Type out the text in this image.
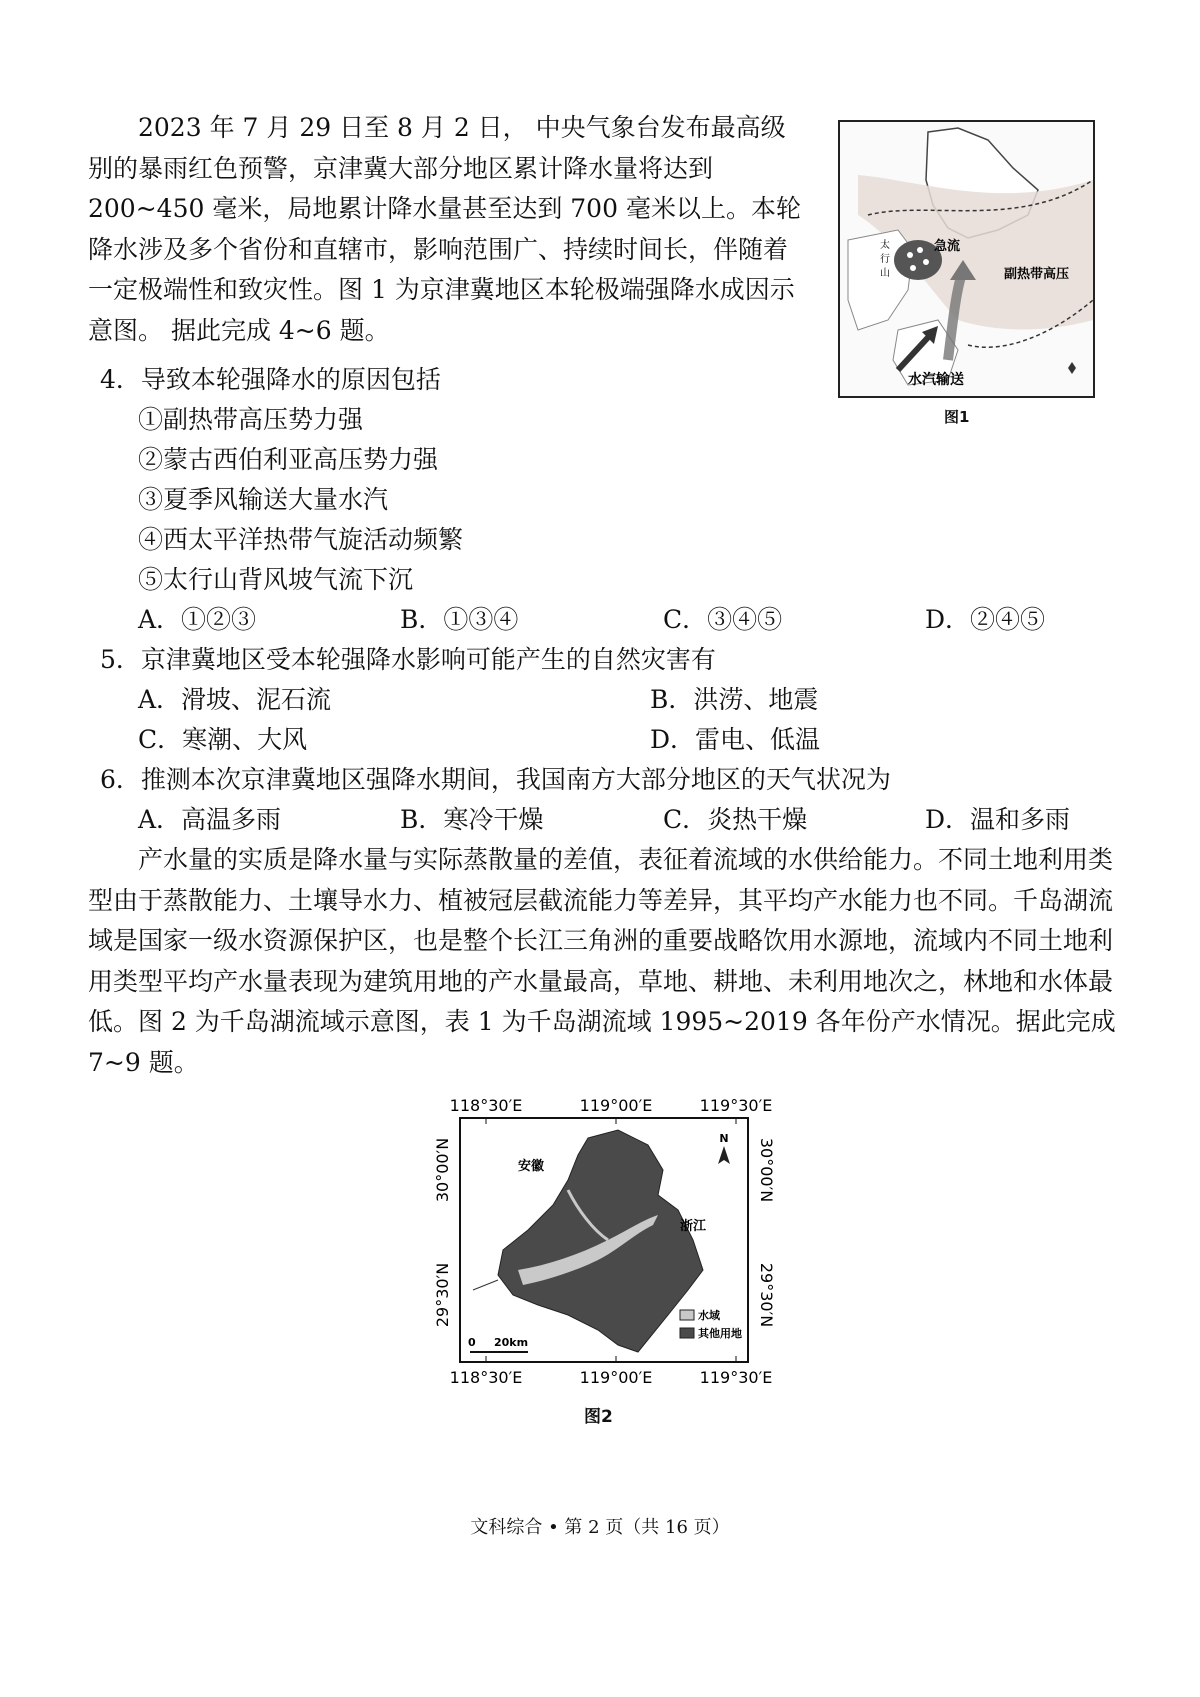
2023 年 7 月 29 日至 8 月 2 日， 中央气象台发布最高级别的暴雨红色预警，京津冀大部分地区累计降水量将达到 200~450 毫米，局地累计降水量甚至达到 700 毫米以上。本轮降水涉及多个省份和直辖市，影响范围广、持续时间长，伴随着一定极端性和致灾性。图 1 为京津冀地区本轮极端强降水成因示意图。 据此完成 4~6 题。
太
行
山
急流
副热带高压
水汽输送
图1
4．导致本轮强降水的原因包括
①副热带高压势力强
②蒙古西伯利亚高压势力强
③夏季风输送大量水汽
④西太平洋热带气旋活动频繁
⑤太行山背风坡气流下沉
A．①②③	B．①③④	C．③④⑤	D．②④⑤
5．京津冀地区受本轮强降水影响可能产生的自然灾害有
A．滑坡、泥石流	B．洪涝、地震
C．寒潮、大风	D．雷电、低温
6．推测本次京津冀地区强降水期间，我国南方大部分地区的天气状况为
A．高温多雨	B．寒冷干燥	C．炎热干燥	D．温和多雨
产水量的实质是降水量与实际蒸散量的差值，表征着流域的水供给能力。不同土地利用类型由于蒸散能力、土壤导水力、植被冠层截流能力等差异，其平均产水能力也不同。千岛湖流域是国家一级水资源保护区，也是整个长江三角洲的重要战略饮用水源地，流域内不同土地利用类型平均产水量表现为建筑用地的产水量最高，草地、耕地、未利用地次之，林地和水体最低。图 2 为千岛湖流域示意图，表 1 为千岛湖流域 1995~2019 各年份产水情况。据此完成 7~9 题。
118°30′E	119°00′E	119°30′E
安徽
浙江
N
水域
其他用地
0 20km
118°30′E	119°00′E	119°30′E
30°00′N
29°30′N
30°00′N
29°30′N
图2
文科综合 • 第 2 页（共 16 页）
